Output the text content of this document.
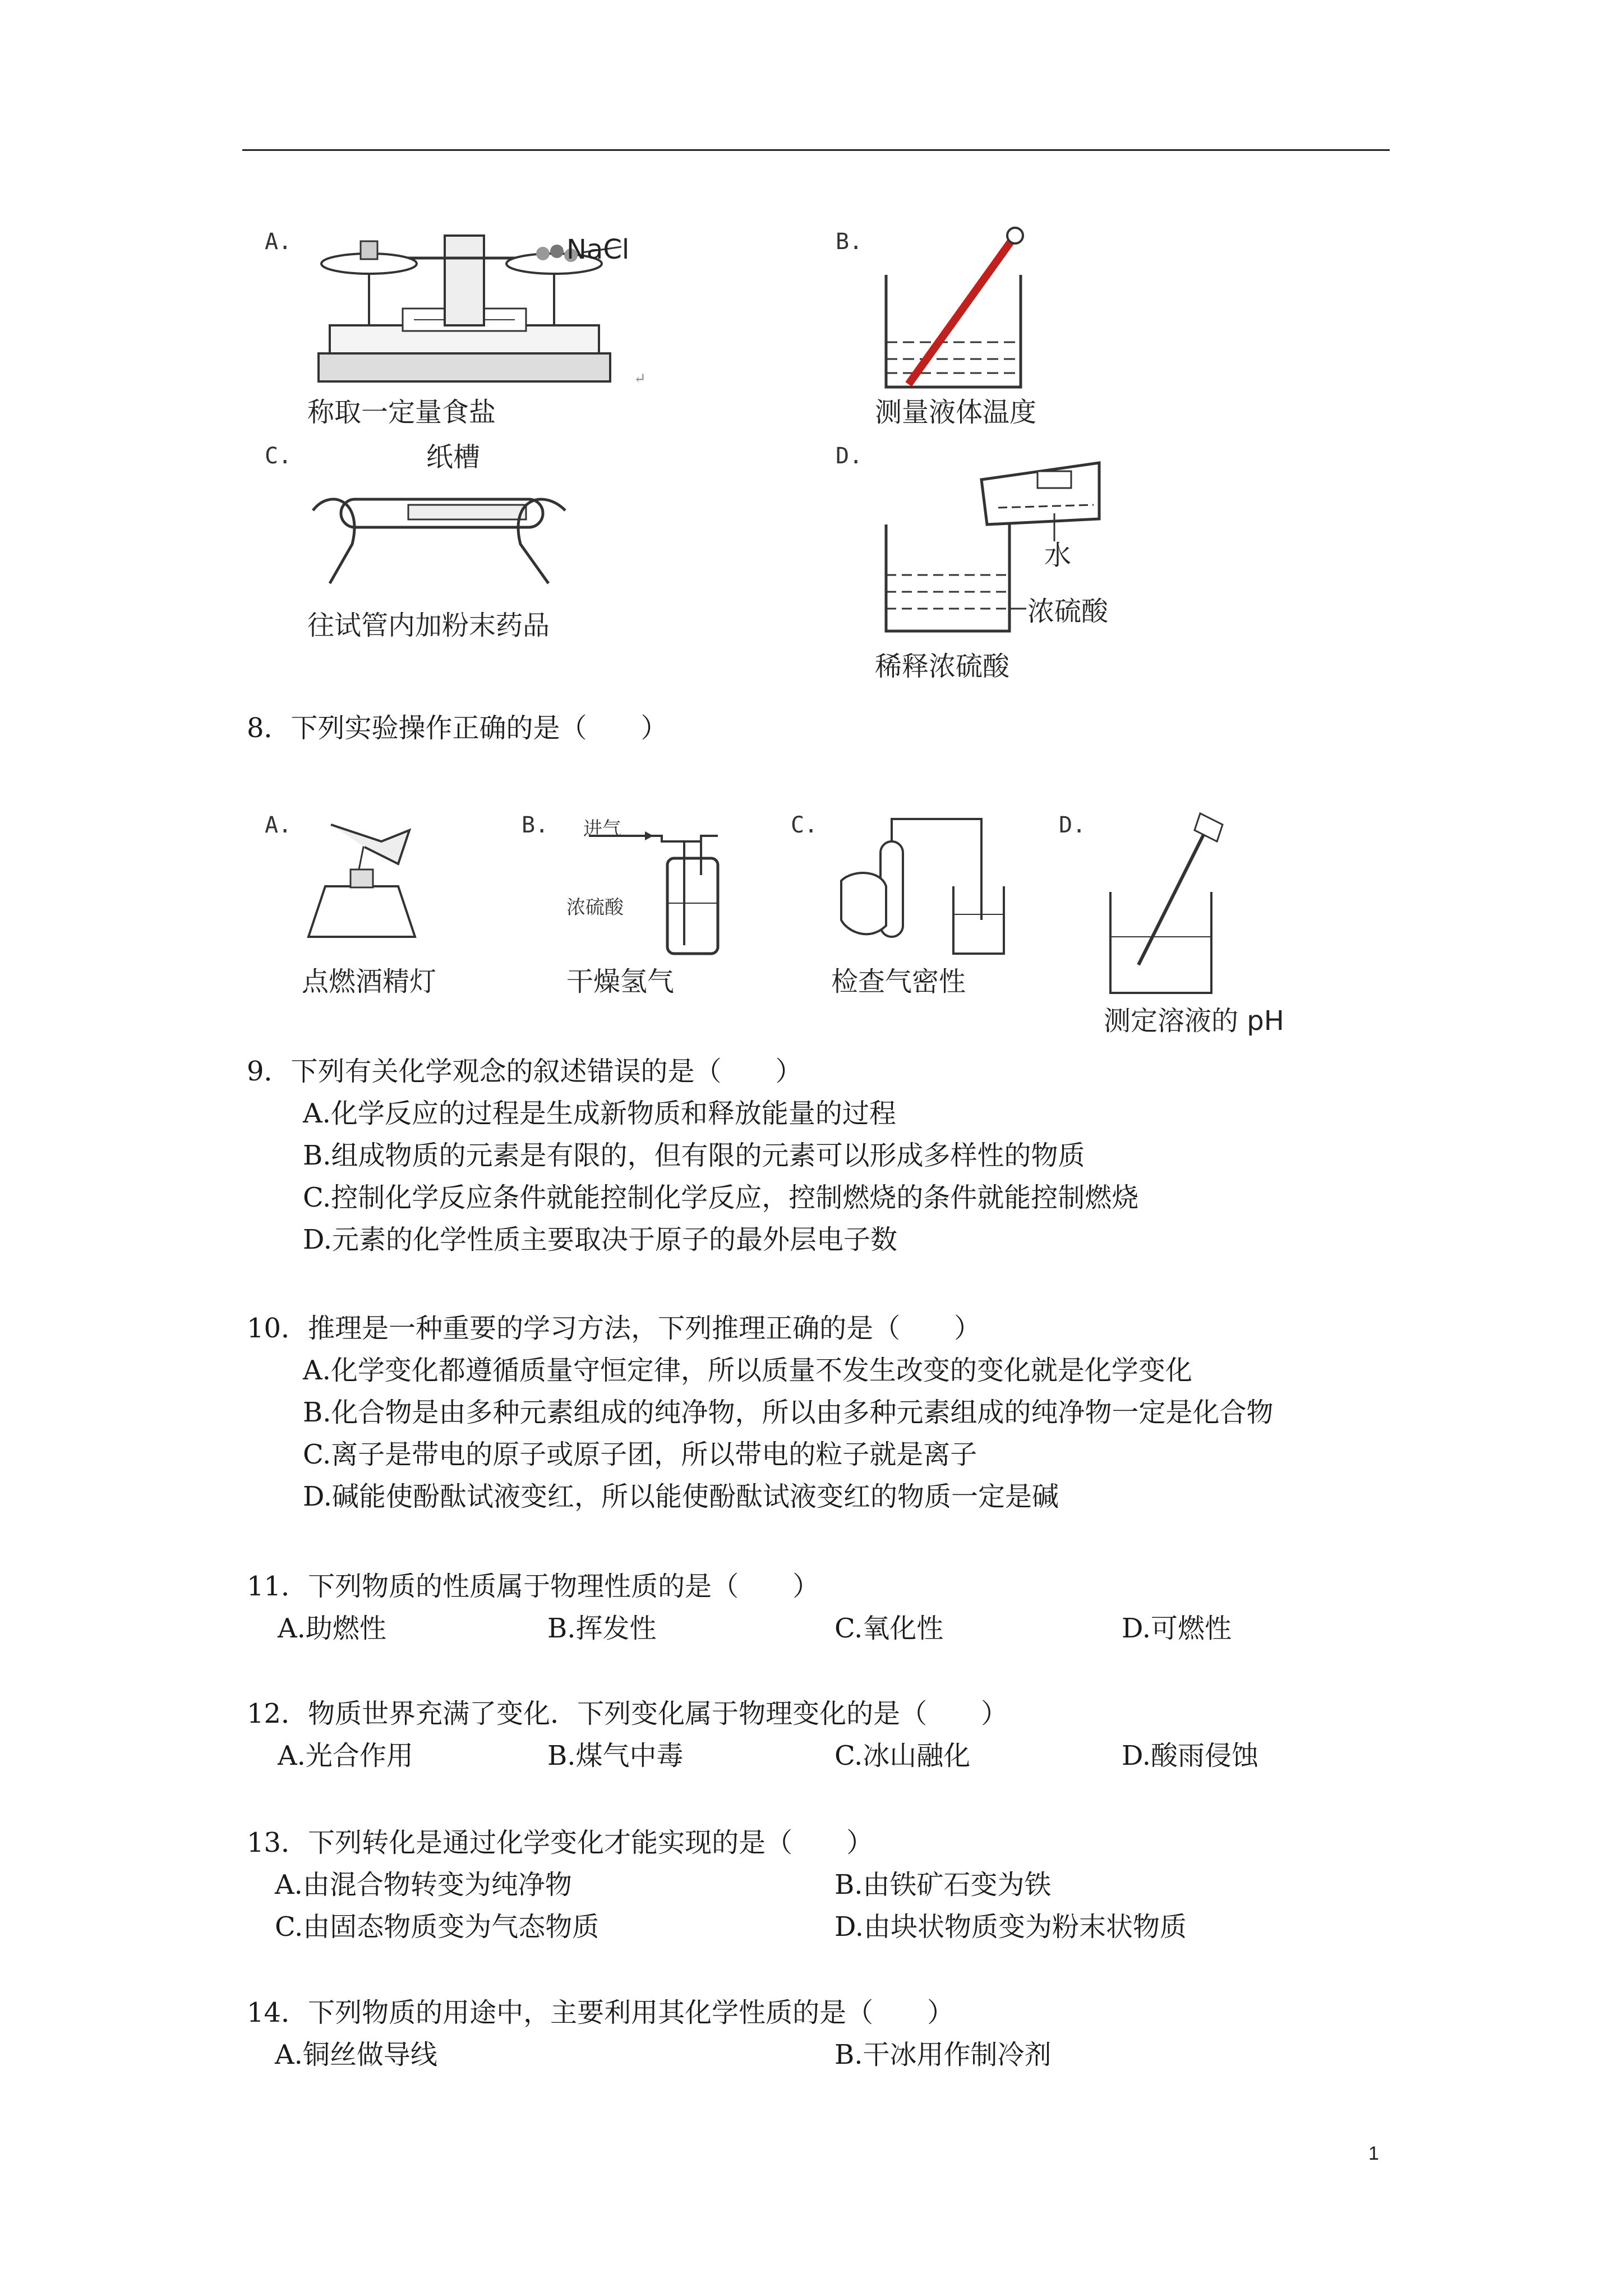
A.	NaCl
称取一定量食盐
↵
B.
测量液体温度
C.	纸槽
往试管内加粉末药品
D.
水
浓硫酸
稀释浓硫酸
8．下列实验操作正确的是（　　）
A.
点燃酒精灯
B. 进气
浓硫酸
干燥氢气
C.
检查气密性
D.
测定溶液的 pH
9．下列有关化学观念的叙述错误的是（　　）
A.化学反应的过程是生成新物质和释放能量的过程
B.组成物质的元素是有限的，但有限的元素可以形成多样性的物质
C.控制化学反应条件就能控制化学反应，控制燃烧的条件就能控制燃烧
D.元素的化学性质主要取决于原子的最外层电子数
10．推理是一种重要的学习方法，下列推理正确的是（　　）
A.化学变化都遵循质量守恒定律，所以质量不发生改变的变化就是化学变化
B.化合物是由多种元素组成的纯净物，所以由多种元素组成的纯净物一定是化合物
C.离子是带电的原子或原子团，所以带电的粒子就是离子
D.碱能使酚酞试液变红，所以能使酚酞试液变红的物质一定是碱
11．下列物质的性质属于物理性质的是（　　）
A.助燃性	B.挥发性	C.氧化性	D.可燃性
12．物质世界充满了变化．下列变化属于物理变化的是（　　）
A.光合作用	B.煤气中毒	C.冰山融化	D.酸雨侵蚀
13．下列转化是通过化学变化才能实现的是（　　）
A.由混合物转变为纯净物	B.由铁矿石变为铁
C.由固态物质变为气态物质	D.由块状物质变为粉末状物质
14．下列物质的用途中，主要利用其化学性质的是（　　）
A.铜丝做导线	B.干冰用作制冷剂
1
